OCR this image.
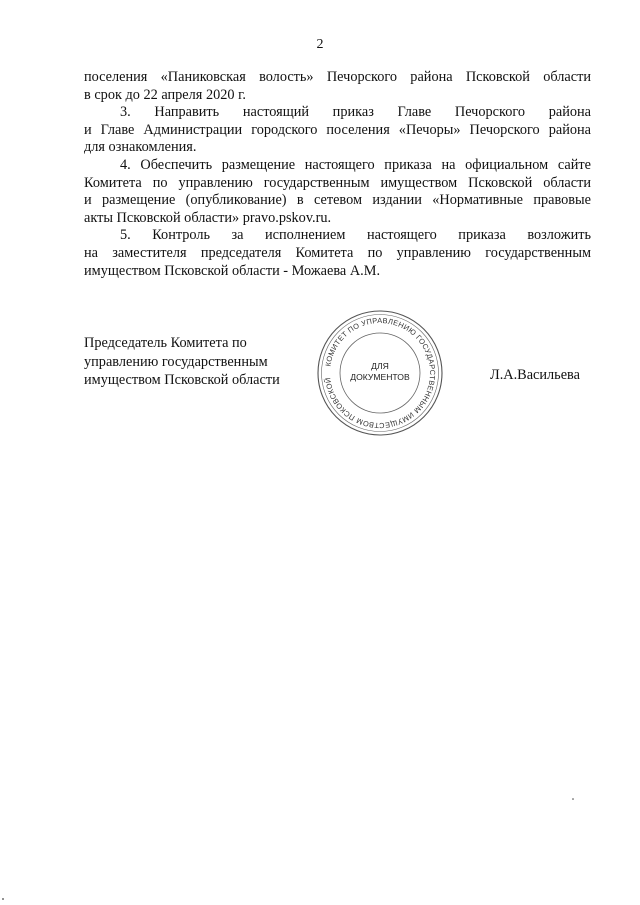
2

поселения «Паниковская волость» Печорского района Псковской области
в срок до 22 апреля 2020 г.

3. Направить настоящий приказ Главе Печорского района
и Главе Администрации городского поселения «Печоры» Печорского района
для ознакомления.

4. Обеспечить размещение настоящего приказа на официальном сайте
Комитета по управлению государственным имуществом Псковской области
и размещение (опубликование) в сетевом издании «Нормативные правовые
акты Псковской области» pravo.pskov.ru.

5. Контроль за исполнением настоящего приказа возложить
на заместителя председателя Комитета по управлению государственным
имуществом Псковской области - Можаева А.М.

Председатель Комитета по
управлению государственным
имуществом Псковской области
КОМИТЕТ ПО УПРАВЛЕНИЮ ГОСУДАРСТВЕННЫМ ИМУЩЕСТВОМ ПСКОВСКОЙ
ДЛЯ
ДОКУМЕНТОВ	Л.А.Васильева
